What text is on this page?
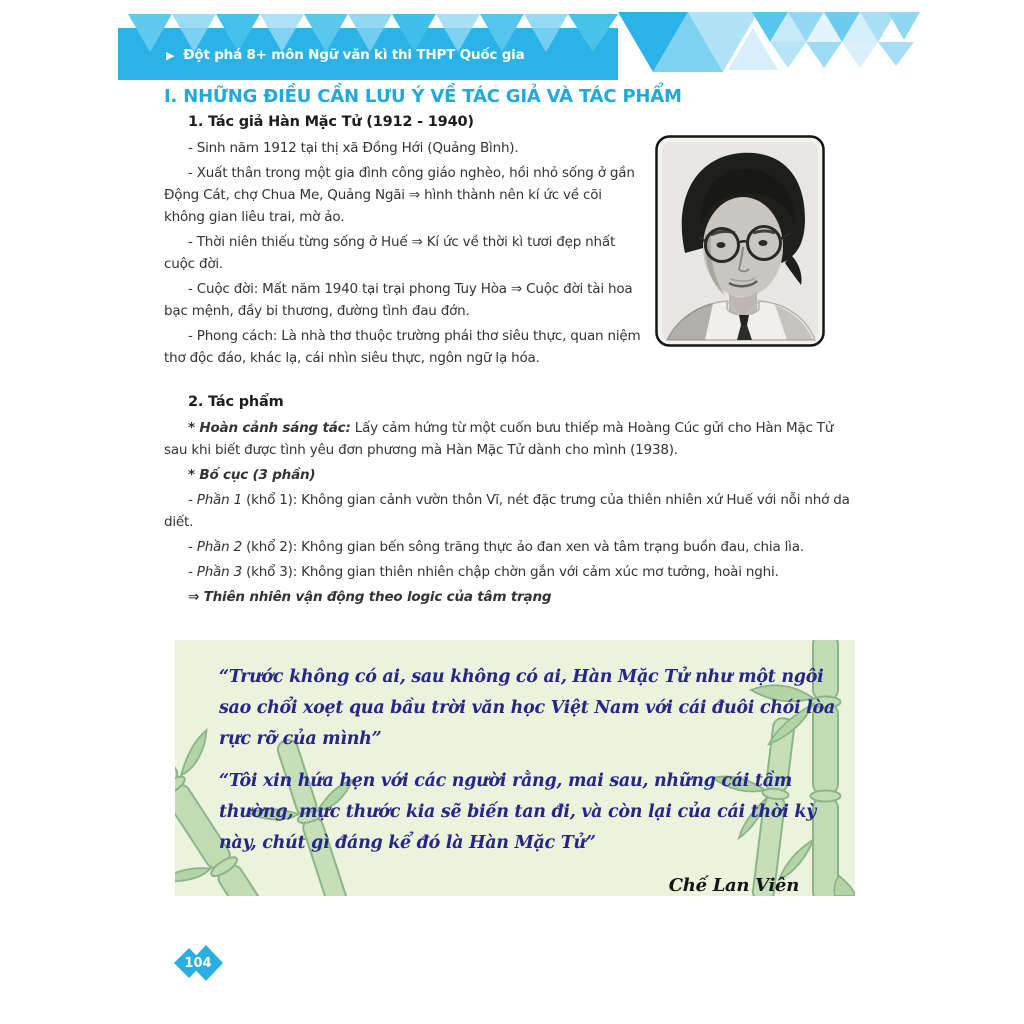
▶ Đột phá 8+ môn Ngữ văn kì thi THPT Quốc gia
I. NHỮNG ĐIỀU CẦN LƯU Ý VỀ TÁC GIẢ VÀ TÁC PHẨM
1. Tác giả Hàn Mặc Tử (1912 - 1940)

- Sinh năm 1912 tại thị xã Đồng Hới (Quảng Bình).

- Xuất thân trong một gia đình công giáo nghèo, hồi nhỏ sống ở gần Động Cát, chợ Chua Me, Quảng Ngãi ⇒ hình thành nên kí ức về cõi không gian liêu trai, mờ ảo.

- Thời niên thiếu từng sống ở Huế ⇒ Kí ức về thời kì tươi đẹp nhất cuộc đời.

- Cuộc đời: Mất năm 1940 tại trại phong Tuy Hòa ⇒ Cuộc đời tài hoa bạc mệnh, đầy bi thương, đường tình đau đớn.

- Phong cách: Là nhà thơ thuộc trường phái thơ siêu thực, quan niệm thơ độc đáo, khác lạ, cái nhìn siêu thực, ngôn ngữ lạ hóa.

2. Tác phẩm

* Hoàn cảnh sáng tác: Lấy cảm hứng từ một cuốn bưu thiếp mà Hoàng Cúc gửi cho Hàn Mặc Tử sau khi biết được tình yêu đơn phương mà Hàn Mặc Tử dành cho mình (1938).

* Bố cục (3 phần)

- Phần 1 (khổ 1): Không gian cảnh vườn thôn Vĩ, nét đặc trưng của thiên nhiên xứ Huế với nỗi nhớ da diết.

- Phần 2 (khổ 2): Không gian bến sông trăng thực ảo đan xen và tâm trạng buồn đau, chia lìa.

- Phần 3 (khổ 3): Không gian thiên nhiên chập chờn gắn với cảm xúc mơ tưởng, hoài nghi.

⇒ Thiên nhiên vận động theo logic của tâm trạng

“Trước không có ai, sau không có ai, Hàn Mặc Tử như một ngôi sao chổi xoẹt qua bầu trời văn học Việt Nam với cái đuôi chói lòa rực rỡ của mình”

“Tôi xin hứa hẹn với các người rằng, mai sau, những cái tầm thường, mực thước kia sẽ biến tan đi, và còn lại của cái thời kỳ này, chút gì đáng kể đó là Hàn Mặc Tử”

Chế Lan Viên

104
